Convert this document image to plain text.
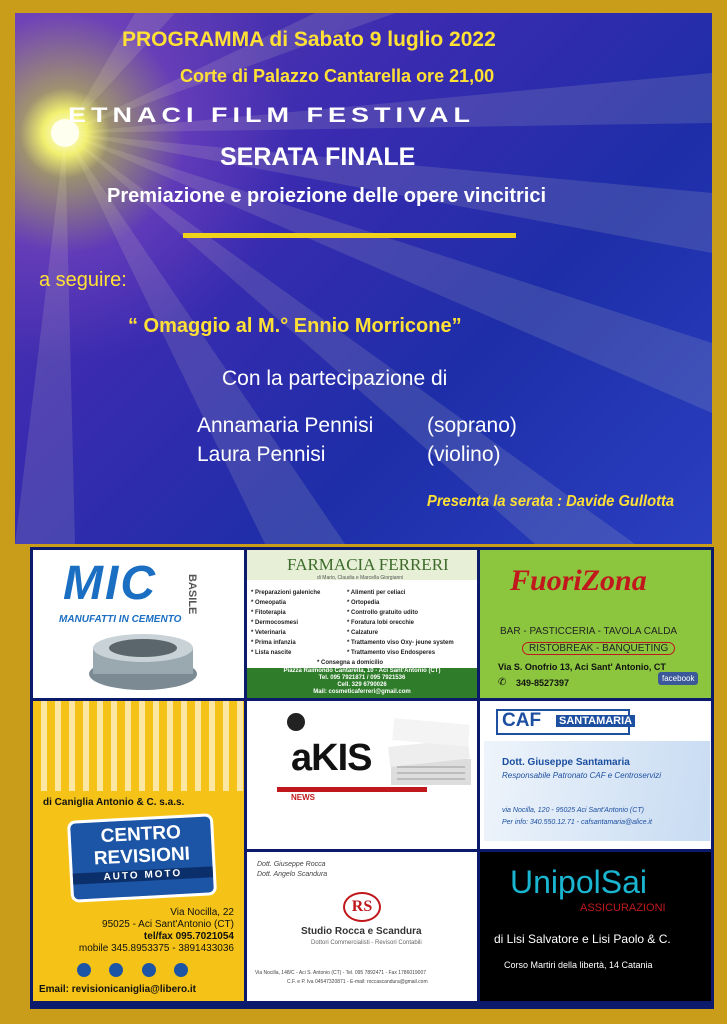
PROGRAMMA di Sabato 9 luglio 2022
Corte di Palazzo Cantarella ore 21,00
ETNACI FILM FESTIVAL
SERATA FINALE
Premiazione e proiezione delle opere vincitrici
a seguire:
“ Omaggio al M.° Ennio Morricone”
Con la partecipazione di
Annamaria Pennisi	(soprano)
Laura Pennisi	(violino)
Presenta la serata : Davide Gullotta
MIC	BASILE
MANUFATTI IN CEMENTO
FARMACIA FERRERI
di Mario, Claudia e Marcella Giorgianni
* Preparazioni galeniche
* Omeopatia
* Fitoterapia
* Dermocosmesi
* Veterinaria
* Prima infanzia
* Lista nascite
* Alimenti per celiaci
* Ortopedia
* Controllo gratuito udito
* Foratura lobi orecchie
* Calzature
* Trattamento viso Oxy- jeune system
* Trattamento viso Endosperes
* Consegna a domicilio
Piazza Raimondo Cantarella, 10 - Aci Sant'Antonio (CT)
Tel. 095 7921871 / 095 7921536
Cell. 329 6790026
Mail: cosmeticaferreri@gmail.com
FuoriZona
BAR - PASTICCERIA - TAVOLA CALDA
RISTOBREAK - BANQUETING
Via S. Onofrio 13, Aci Sant' Antonio, CT
✆ 349-8527397	facebook
di Caniglia Antonio & C. s.a.s.
CENTRO
REVISIONI
AUTO MOTO
Via Nocilla, 22
95025 - Aci Sant'Antonio (CT)
tel/fax 095.7021054
mobile 345.8953375 - 3891433036

Email: revisionicaniglia@libero.it
aKIS
NEWS
CAF SANTAMARIA
Dott. Giuseppe Santamaria
Responsabile Patronato CAF e Centroservizi
via Nocilla, 120 - 95025 Aci Sant'Antonio (CT)
Per info: 340.550.12.71 - cafsantamaria@alice.it
Dott. Giuseppe Rocca
Dott. Angelo Scandura
RS
Studio Rocca e Scandura
Dottori Commercialisti - Revisori Contabili
Via Nocilla, 148/C - Aci S. Antonio (CT) - Tel. 095 7892471 - Fax 1786019007
C.F. e P. Iva 04547320871 - E-mail: roccascandura@gmail.com
UnipolSai
ASSICURAZIONI
di Lisi Salvatore e Lisi Paolo & C.
Corso Martiri della libertà, 14 Catania
